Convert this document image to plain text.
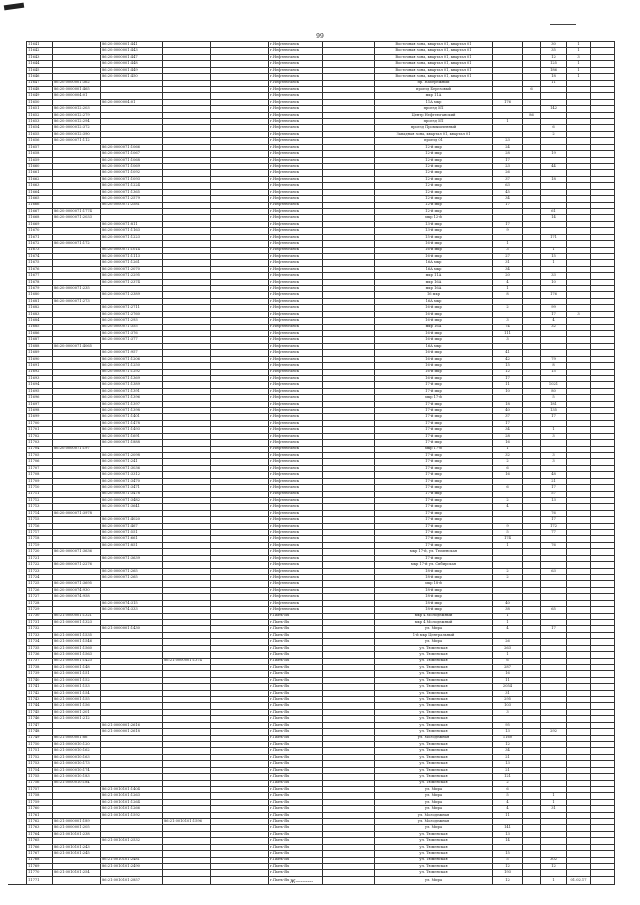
99
11641		86:20:0000001:441			г.Нефтеюганск		Восточная зона, квартал 01, квартал 01			30	1	
11642		86:20:0000001:443			г.Нефтеюганск		Восточная зона, квартал 01, квартал 01			35	1	
11643		86:20:0000001:447			г.Нефтеюганск		Восточная зона, квартал 01, квартал 01			12	3	
11644		86:20:0000001:448			г.Нефтеюганск		Восточная зона, квартал 01, квартал 01			125	1	
11645		86:20:0000001:449			г.Нефтеюганск		Восточная зона, квартал 01, квартал 01			186	1	
11646		86:20:0000001:450			г.Нефтеюганск		Восточная зона, квартал 01, квартал 01			18	1	
11647	86:20:0000001:362				г.Нефтеюганск		пр. Набережный			11		
11648	86:20:0000001:465				г.Нефтеюганск		проезд Березовый		6			
11649	86:20:0000004:01				г.Нефтеюганск		мкр 11А					
11650		86:20:0000004:01			г.Нефтеюганск		11А мкр	176				
11651	86:20:0000012:203				г.Нефтеюганск		проезд 5П			142		
11652	86:20:0000012:279				г.Нефтеюганск		Центр Нефтеюганский		86			
11653	86:20:0000012:294				г.Нефтеюганск		проезд 5П	1				
11654	86:20:0000012:372				г.Нефтеюганск		проезд Промышленный			6		
11655	86:20:0000012:390				г.Нефтеюганск		Западная зона, квартал 01, квартал 01			2		
11656	86:20:0000071:112				г.Нефтеюганск		проезд 01	23				
11657		86:20:0000071:1066			г.Нефтеюганск		12-й мкр	24				
11658		86:20:0000071:1067			г.Нефтеюганск		12-й мкр	28		19		
11659		86:20:0000071:1068			г.Нефтеюганск		12-й мкр	17				
11660		86:20:0000071:1069			г.Нефтеюганск		12-й мкр	23		44		
11661		86:20:0000071:1092			г.Нефтеюганск		12-й мкр	26				
11662		86:20:0000071:1093			г.Нефтеюганск		12-й мкр	37		18		
11663		86:20:0000071:1224			г.Нефтеюганск		12-й мкр	63				
11664		86:20:0000071:1365			г.Нефтеюганск		12-й мкр	45				
11665		86:20:0000071:2579			г.Нефтеюганск		12-й мкр	34				
11666		86:20:0000071:2581			г.Нефтеюганск		12-й мкр	17				
11667	86:20:0000071:1774				г.Нефтеюганск		12-й мкр			61		
11668	86:20:0000071:2033				г.Нефтеюганск		мкр 12-й			14		
11669		86:20:0000071:811			г.Нефтеюганск		13-й мкр	17				
11670		86:20:0000071:1163			г.Нефтеюганск		13-й мкр	9				
11671		86:20:0000071:1223			г.Нефтеюганск		15-й мкр			171		
11672	86:20:0000071:172				г.Нефтеюганск		16-й мкр	1				
11673		86:20:0000071:1014			г.Нефтеюганск		16-й мкр	3		1		
11674		86:20:0000071:1113			г.Нефтеюганск		16-й мкр	27		15		
11675		86:20:0000071:1261			г.Нефтеюганск		16А мкр	31		1		
11676		86:20:0000071:2070			г.Нефтеюганск		16А мкр	34				
11677		86:20:0000071:2295			г.Нефтеюганск		мкр 11А	20		33		
11678		86:20:0000071:2374			г.Нефтеюганск		мкр 16А	4		10		
11679	86:20:0000071:235				г.Нефтеюганск		мкр 16А	1				
11680		86:20:0000071:2389			г.Нефтеюганск		16 мкр	8		176		
11681	86:20:0000071:273				г.Нефтеюганск		16А мкр					
11682		86:20:0000071:2711			г.Нефтеюганск		16-й мкр	2		99		
11683		86:20:0000071:2760			г.Нефтеюганск		16-й мкр			17	3	
11684		86:20:0000071:293			г.Нефтеюганск		16-й мкр	3		4		
11685		86:20:0000071:355			г.Нефтеюганск		мкр 16А	74		32		
11686		86:20:0000071:376			г.Нефтеюганск		16-й мкр	111				
11687		86:20:0000071:377			г.Нефтеюганск		16-й мкр	3				
11688	86:20:0000071:4065				г.Нефтеюганск		16А мкр					
11689		86:20:0000071:957			г.Нефтеюганск		16-й мкр	41				
11690		86:20:0000071:1206			г.Нефтеюганск		16-й мкр	42		79		
11691		86:20:0000071:1250			г.Нефтеюганск		16-й мкр	15		8		
11692		86:20:0000071:1292			г.Нефтеюганск		16-й мкр	12		15		
11693		86:20:0000071:1369			г.Нефтеюганск		16-й мкр	17				
11694		86:20:0000071:1389			г.Нефтеюганск		17-й мкр	11		1021		
11695		86:20:0000071:1391			г.Нефтеюганск		17-й мкр	10		80		
11696		86:20:0000071:1396			г.Нефтеюганск		мкр 17-й			5		
11697		86:20:0000071:1397			г.Нефтеюганск		17-й мкр	18		181		
11698		86:20:0000071:1398			г.Нефтеюганск		17-й мкр	40		135		
11699		86:20:0000071:1401			г.Нефтеюганск		17-й мкр	37		17		
11700		86:20:0000071:1478			г.Нефтеюганск		17-й мкр	17				
11701		86:20:0000071:1493			г.Нефтеюганск		17-й мкр	34		1		
11702		86:20:0000071:1691			г.Нефтеюганск		17-й мкр	28		3		
11703		86:20:0000071:1888			г.Нефтеюганск		17-й мкр	16				
11704	86:20:0000071:197				г.Нефтеюганск		мкр 17-й	1				
11705		86:20:0000071:2098			г.Нефтеюганск		17-й мкр	32		3		
11706		86:20:0000071:241			г.Нефтеюганск		17-й мкр	2		3		
11707		86:20:0000071:3036			г.Нефтеюганск		17-й мкр	6				
11708		86:20:0000071:3312			г.Нефтеюганск		17-й мкр	16		48		
11709		86:20:0000071:3470			г.Нефтеюганск		17-й мкр			21		
11710		86:20:0000071:3471			г.Нефтеюганск		17-й мкр	6		17		
11711		86:20:0000071:3478			г.Нефтеюганск		17-й мкр			57		
11712		86:20:0000071:3482			г.Нефтеюганск		17-й мкр	2		13		
11713		86:20:0000071:3641			г.Нефтеюганск		17-й мкр	4				
11714	86:20:0000071:3978				г.Нефтеюганск		17-й мкр			76		
11715		86:20:0000071:4020			г.Нефтеюганск		17-й мкр			17		
11716		86:20:0000071:467			г.Нефтеюганск		17-й мкр	9		172		
11717		86:20:0000071:551			г.Нефтеюганск		17-й мкр	5		77		
11718		86:20:0000071:661			г.Нефтеюганск		17-й мкр	174				
11719		86:20:0000071:851			г.Нефтеюганск		17-й мкр	1		76		
11720	86:20:0000071:3636				г.Нефтеюганск		мкр 17-й, ул. Тюменская					
11721		86:20:0000071:3639			г.Нефтеюганск		17-й мкр					
11722	86:20:0000071:2276				г.Нефтеюганск		мкр 17-й ул. Сибирская					
11723		86:20:0000071:265			г.Нефтеюганск		18-й мкр	2		63		
11724		86:20:0000071:265			г.Нефтеюганск		18-й мкр	2				
11725	86:20:0000071:3695				г.Нефтеюганск		мкр 18-й					
11726	86:20:0000074:930				г.Нефтеюганск		18-й мкр					
11727	86:20:0000074:958				г.Нефтеюганск		18-й мкр					
11728		86:20:0000074:315			г.Нефтеюганск		18-й мкр	40				
11729		86:20:0000074:333			г.Нефтеюганск		18-й мкр	38		65		
11730	86:21:0000001:1321				г.Пыть-Ях		мкр 4 Молодежный	1				
11731	86:21:0000001:1323				г.Пыть-Ях		мкр 4 Молодежный	1				
11732		86:21:0000001:1430			г.Пыть-Ях		ул. Мира	4		17		
11733	86:21:0000001:1535				г.Пыть-Ях		1-й мкр Центральный					
11734	86:21:0000001:1546				г.Пыть-Ях		ул. Мира	26				
11735	86:21:0000001:1560				г.Пыть-Ях		ул. Тюменская	263				
11736	86:21:0000001:1563				г.Пыть-Ях		ул. Тюменская	1				
11737	86:21:0000001:1423		86:21:0000001:1374		г.Пыть-Ях		ул. Тюменская	6				
11738	86:21:0000001:148				г.Пыть-Ях		ул. Тюменская	287				
11739	86:21:0000001:151				г.Пыть-Ях		ул. Тюменская	16				
11740	86:21:0000001:152				г.Пыть-Ях		ул. Тюменская	11				
11741	86:21:0000001:153				г.Пыть-Ях		ул. Тюменская	2054				
11742	86:21:0000001:154				г.Пыть-Ях		ул. Тюменская	31				
11743	86:21:0000001:155				г.Пыть-Ях		ул. Тюменская	295				
11744	86:21:0000001:156				г.Пыть-Ях		ул. Тюменская	103				
11745	86:21:0000001:201				г.Пыть-Ях		ул. Тюменская	3				
11746	86:21:0000001:212				г.Пыть-Ях		ул. Тюменская					
11747		86:21:0000001:2616			г.Пыть-Ях		ул. Тюменская	95				
11748		86:21:0000001:2618			г.Пыть-Ях		ул. Тюменская	13		292		
11749	86:21:0000001:86				г.Пыть-Ях		ул. Молодежная	1160				
11750	86:21:0000010:120				г.Пыть-Ях		ул. Тюменская	12				
11751	86:21:0000010:162				г.Пыть-Ях		ул. Тюменская	34				
11752	86:21:0000010:163				г.Пыть-Ях		ул. Тюменская	21				
11753	86:21:0000010:173				г.Пыть-Ях		ул. Тюменская	13				
11754	86:21:0000010:174				г.Пыть-Ях		ул. Тюменская	21				
11755	86:21:0000010:183				г.Пыть-Ях		ул. Тюменская	121				
11756	86:21:0000010:184				г.Пыть-Ях		ул. Тюменская	2				
11757		86:21:0010101:1404			г.Пыть-Ях		ул. Мира	6				
11758		86:21:0010101:1263			г.Пыть-Ях		ул. Мира	5		1		
11759		86:21:0010101:1264			г.Пыть-Ях		ул. Мира	4		1		
11760		86:21:0010101:1266			г.Пыть-Ях		ул. Мира	4		31		
11761		86:21:0010101:1592			г.Пыть-Ях		ул. Молодежная	11				
11762	86:21:0000001:189		86:21:0010101:1596		г.Пыть-Ях		ул. Молодежная					
11763	86:21:0000001:205				г.Пыть-Ях		ул. Мира	141				
11764	86:21:0010101:238				г.Пыть-Ях		ул. Тюменская	13				
11765		86:21:0010101:2532			г.Пыть-Ях		ул. Тюменская	14				
11766	86:21:0010101:243				г.Пыть-Ях		ул. Тюменская					
11767	86:21:0010101:245				г.Пыть-Ях		ул. Тюменская	15				
11768		86:21:0010101:2481			г.Пыть-Ях		ул. Тюменская	5		302		
11769		86:21:0010101:2490			г.Пыть-Ях		ул. Тюменская	12		12		
11770	86:21:0010101:254				г.Пыть-Ях		ул. Тюменская	193				
11771		86:21:0010101:2857			г.Пыть-Ях		ул. Мира	12		1	01.02.17	
Ж—-------
